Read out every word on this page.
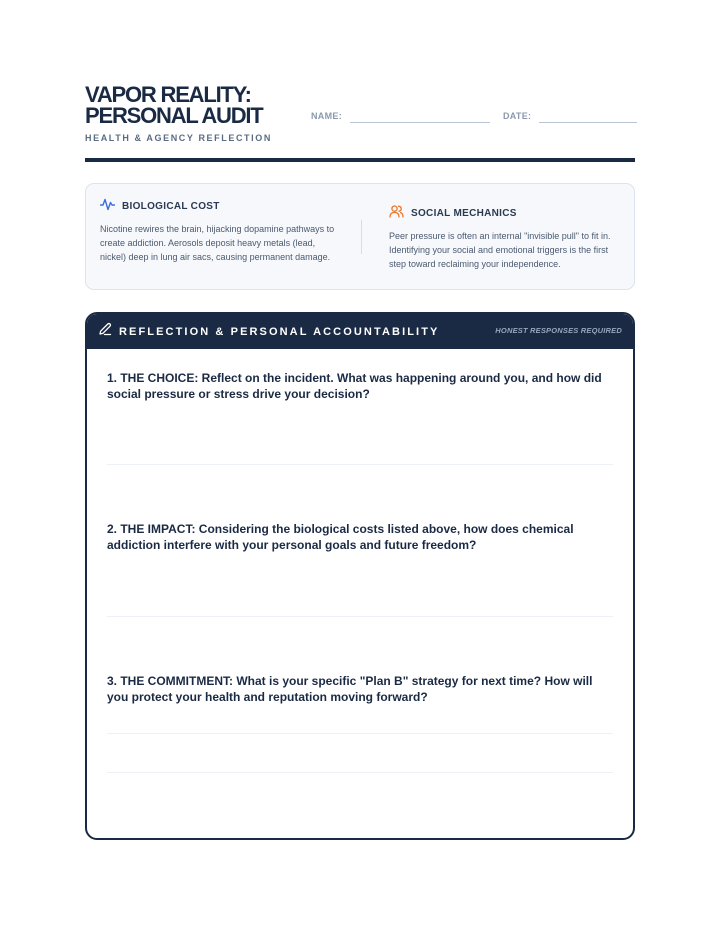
VAPOR REALITY:
PERSONAL AUDIT
HEALTH & AGENCY REFLECTION
NAME:	DATE:
BIOLOGICAL COST
Nicotine rewires the brain, hijacking dopamine pathways to create addiction. Aerosols deposit heavy metals (lead, nickel) deep in lung air sacs, causing permanent damage.
SOCIAL MECHANICS
Peer pressure is often an internal "invisible pull" to fit in. Identifying your social and emotional triggers is the first step toward reclaiming your independence.
REFLECTION & PERSONAL ACCOUNTABILITY	HONEST RESPONSES REQUIRED
1. THE CHOICE: Reflect on the incident. What was happening around you, and how did social pressure or stress drive your decision?
2. THE IMPACT: Considering the biological costs listed above, how does chemical addiction interfere with your personal goals and future freedom?
3. THE COMMITMENT: What is your specific "Plan B" strategy for next time? How will you protect your health and reputation moving forward?
